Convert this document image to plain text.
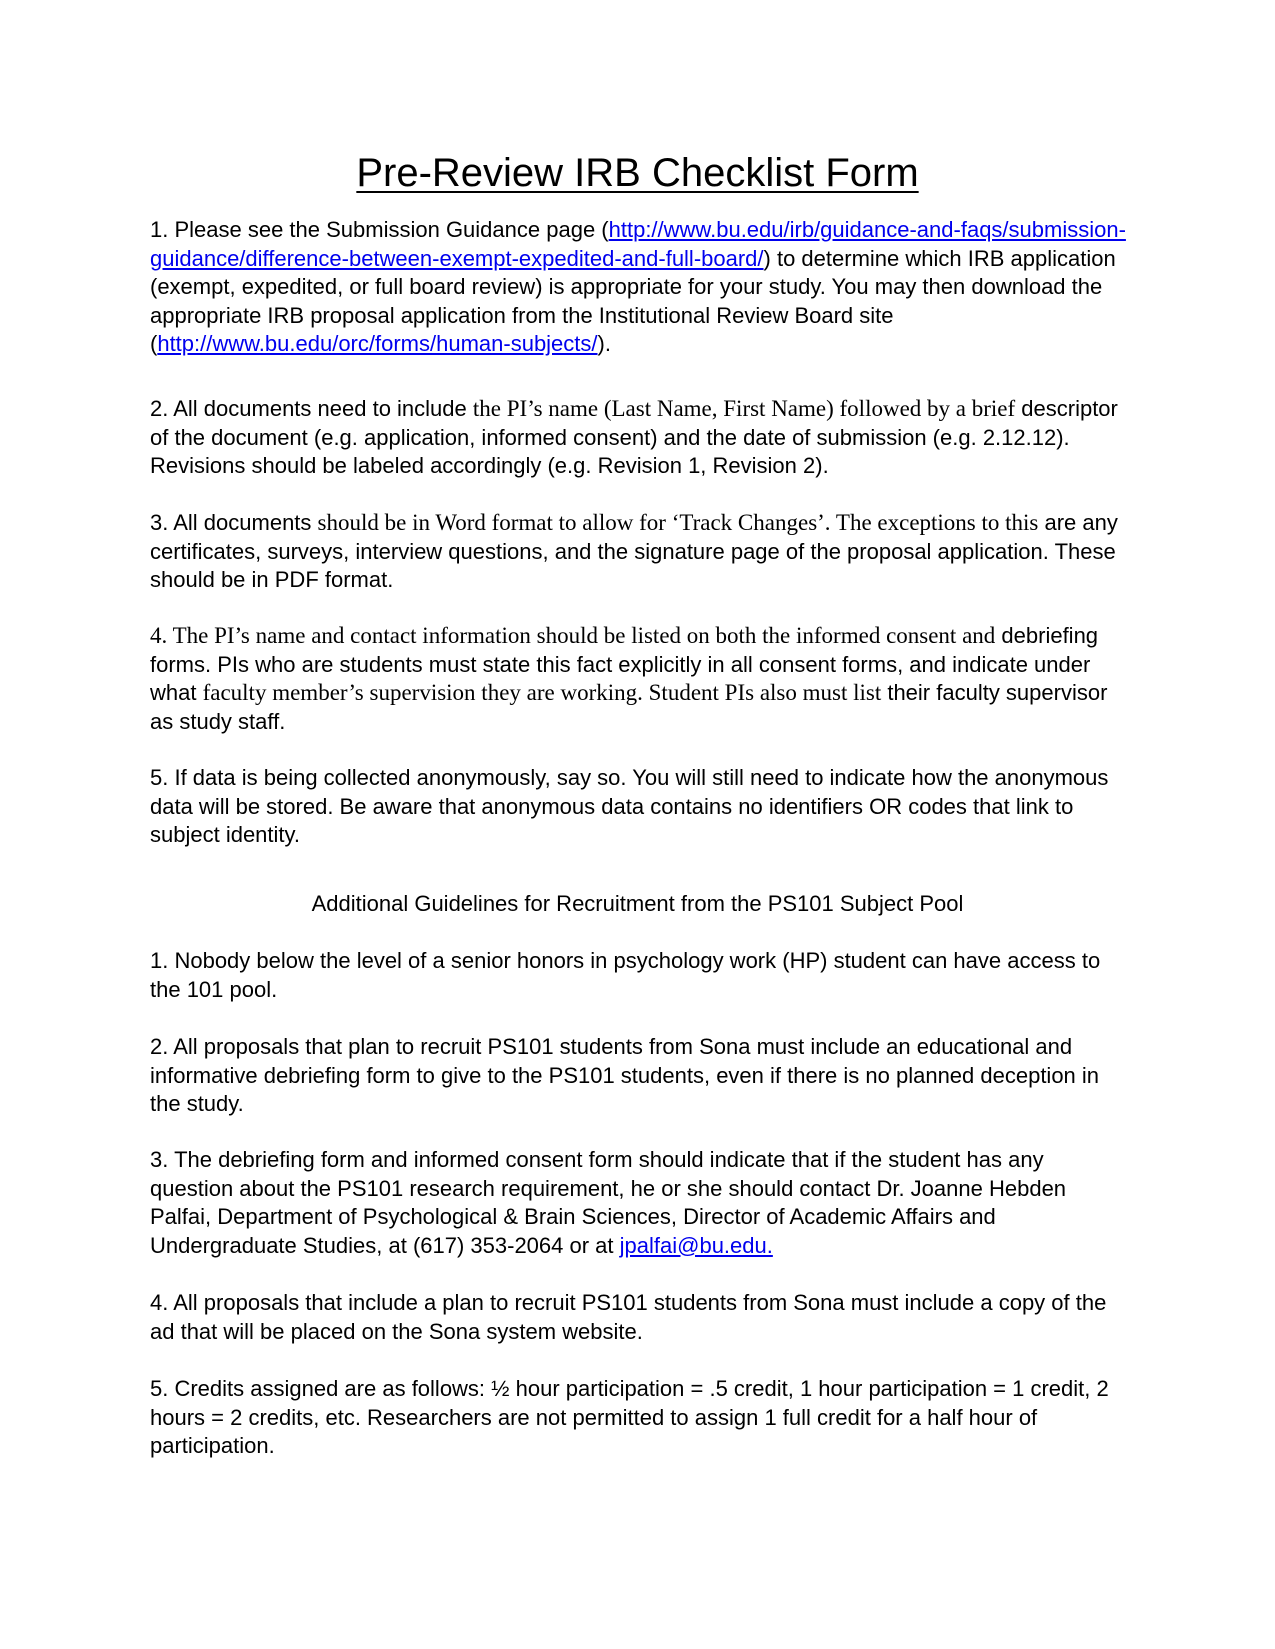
Pre-Review IRB Checklist Form

1. Please see the Submission Guidance page (http://www.bu.edu/irb/guidance-and-faqs/submission-guidance/difference-between-exempt-expedited-and-full-board/) to determine which IRB application (exempt, expedited, or full board review) is appropriate for your study. You may then download the appropriate IRB proposal application from the Institutional Review Board site (http://www.bu.edu/orc/forms/human-subjects/).

2. All documents need to include the PI’s name (Last Name, First Name) followed by a brief descriptor of the document (e.g. application, informed consent) and the date of submission (e.g. 2.12.12). Revisions should be labeled accordingly (e.g. Revision 1, Revision 2).

3. All documents should be in Word format to allow for ‘Track Changes’. The exceptions to this are any certificates, surveys, interview questions, and the signature page of the proposal application. These should be in PDF format.

4. The PI’s name and contact information should be listed on both the informed consent and debriefing forms. PIs who are students must state this fact explicitly in all consent forms, and indicate under what faculty member’s supervision they are working. Student PIs also must list their faculty supervisor as study staff.

5. If data is being collected anonymously, say so. You will still need to indicate how the anonymous data will be stored. Be aware that anonymous data contains no identifiers OR codes that link to subject identity.

Additional Guidelines for Recruitment from the PS101 Subject Pool

1. Nobody below the level of a senior honors in psychology work (HP) student can have access to the 101 pool.

2. All proposals that plan to recruit PS101 students from Sona must include an educational and informative debriefing form to give to the PS101 students, even if there is no planned deception in the study.

3. The debriefing form and informed consent form should indicate that if the student has any question about the PS101 research requirement, he or she should contact Dr. Joanne Hebden Palfai, Department of Psychological & Brain Sciences, Director of Academic Affairs and Undergraduate Studies, at (617) 353-2064 or at jpalfai@bu.edu.

4. All proposals that include a plan to recruit PS101 students from Sona must include a copy of the ad that will be placed on the Sona system website.

5. Credits assigned are as follows: ½ hour participation = .5 credit, 1 hour participation = 1 credit, 2 hours = 2 credits, etc. Researchers are not permitted to assign 1 full credit for a half hour of participation.
